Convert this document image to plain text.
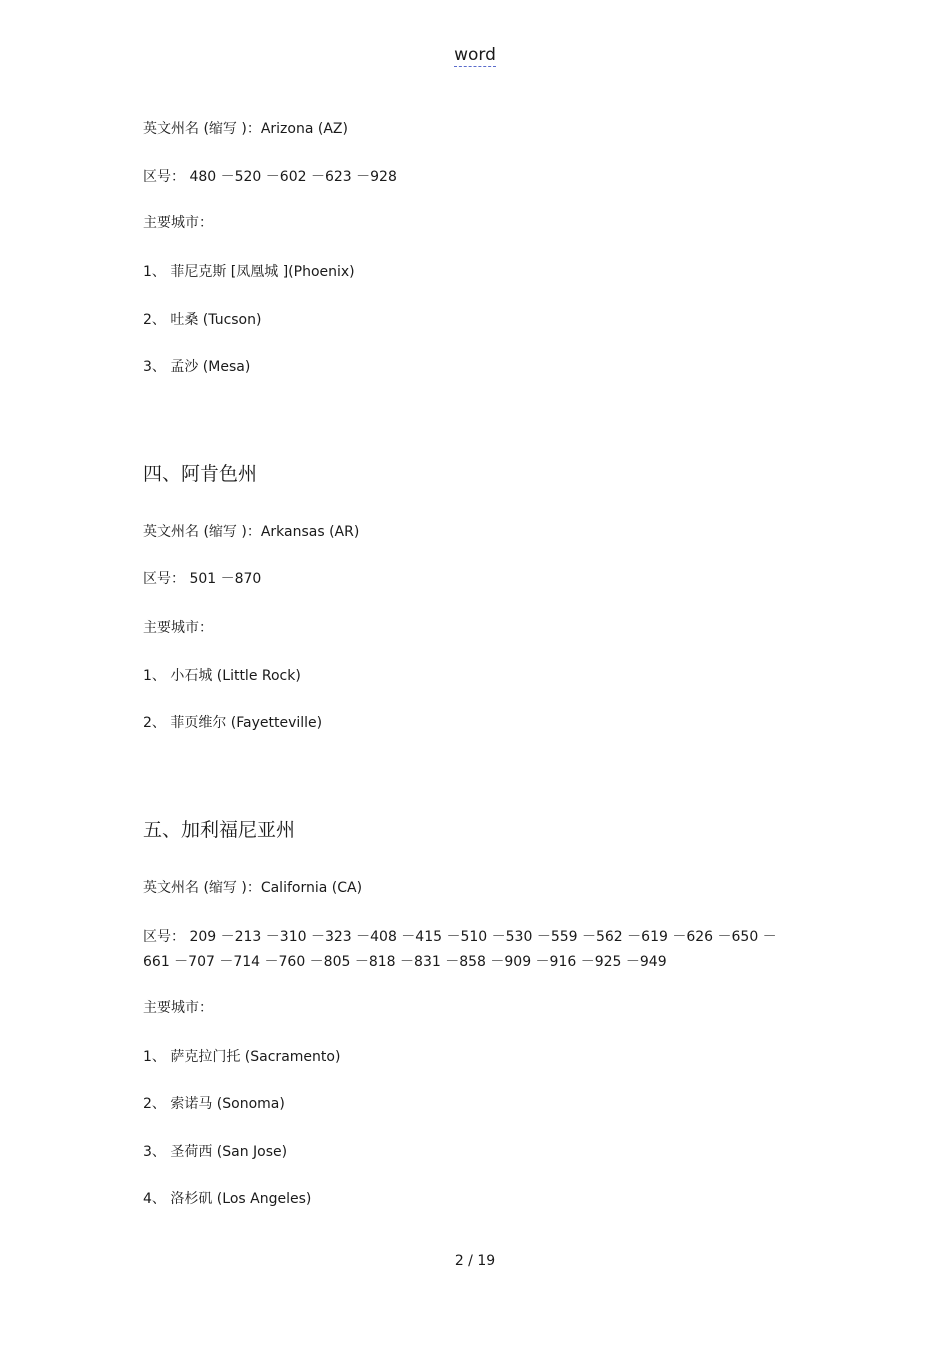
word
英文州名 (缩写 )：Arizona (AZ)
区号： 480 －520 －602 －623 －928
主要城市：
1、 菲尼克斯 [凤凰城 ](Phoenix)
2、 吐桑 (Tucson)
3、 孟沙 (Mesa)
四、阿肯色州
英文州名 (缩写 )：Arkansas (AR)
区号： 501 －870
主要城市：
1、 小石城 (Little Rock)
2、 菲页维尔 (Fayetteville)
五、加利福尼亚州
英文州名 (缩写 )：California (CA)
区号： 209 －213 －310 －323 －408 －415 －510 －530 －559 －562 －619 －626 －650 －
661 －707 －714 －760 －805 －818 －831 －858 －909 －916 －925 －949
主要城市：
1、 萨克拉门托 (Sacramento)
2、 索诺马 (Sonoma)
3、 圣荷西 (San Jose)
4、 洛杉矶 (Los Angeles)
2 / 19
